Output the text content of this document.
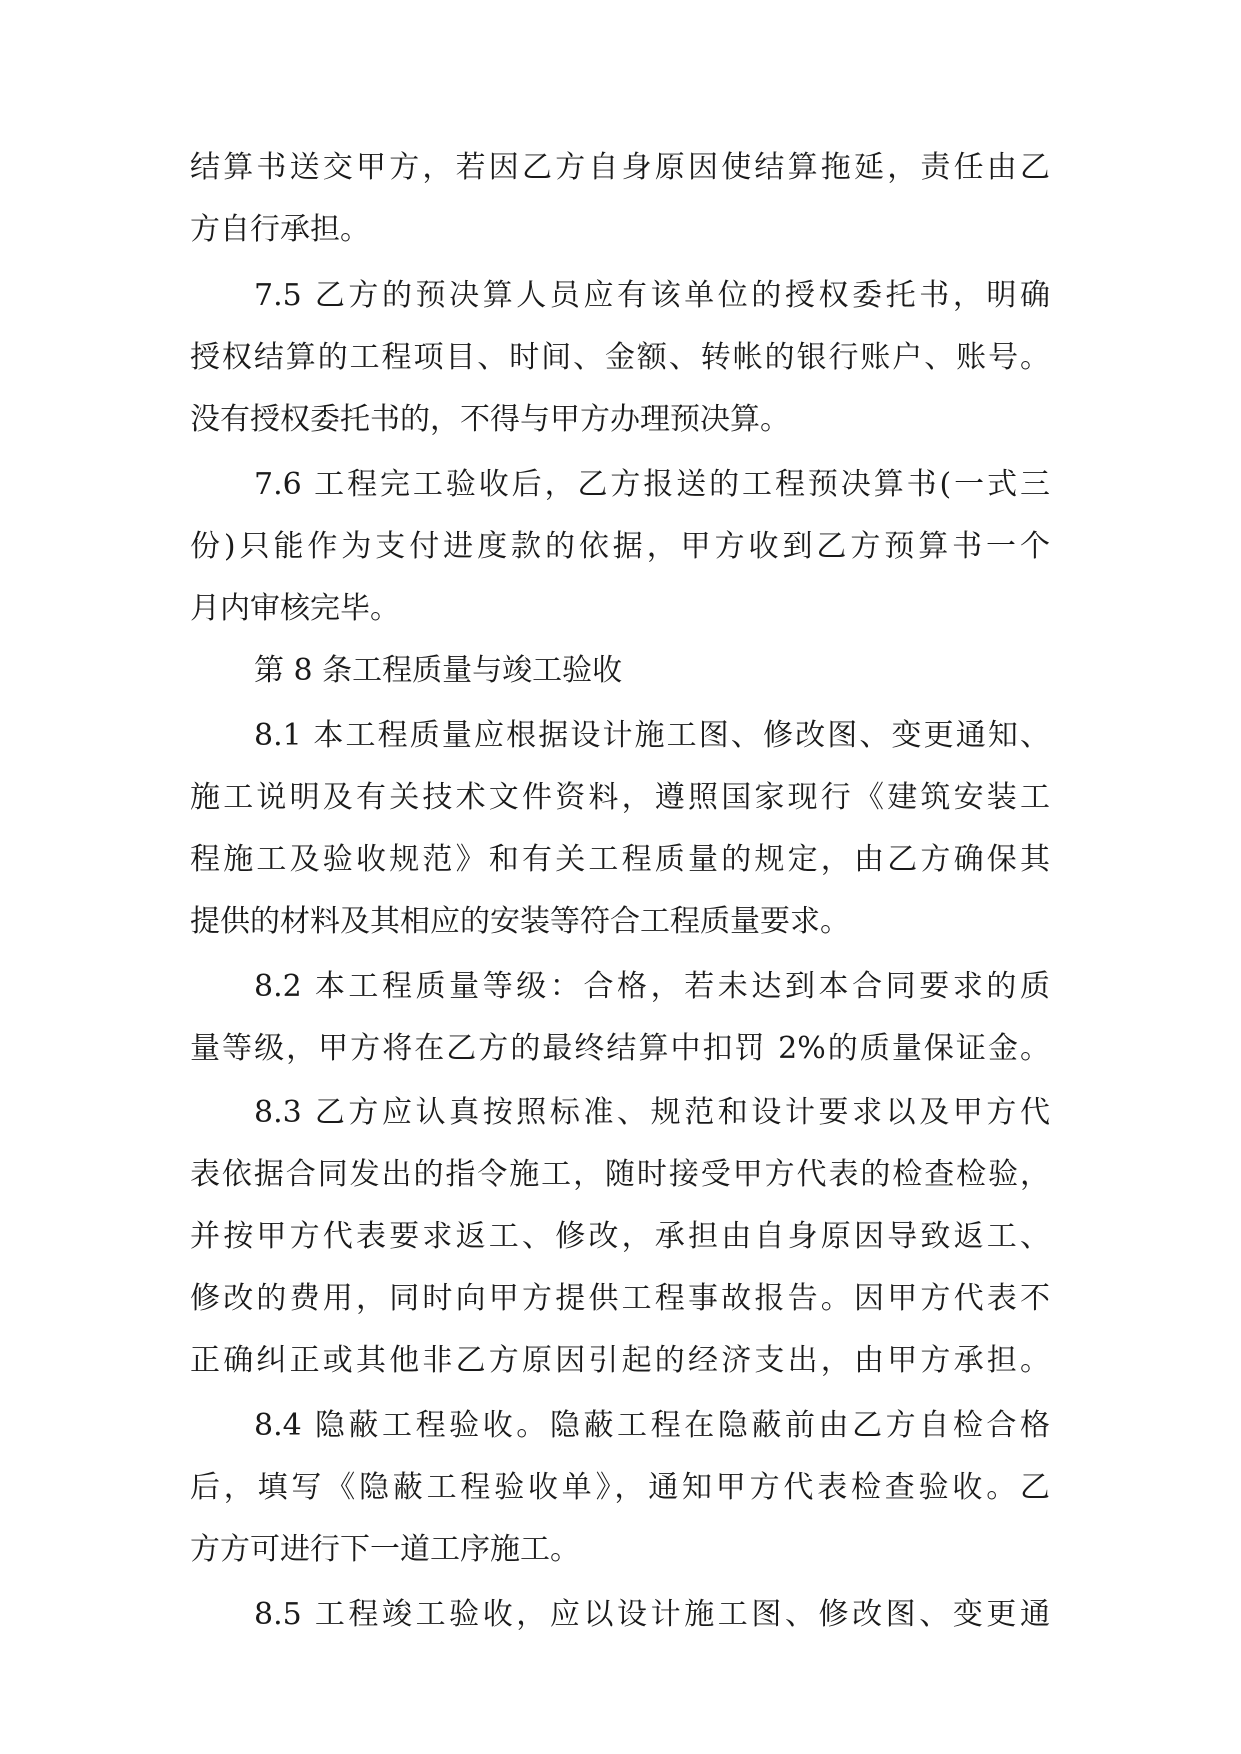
结算书送交甲方，若因乙方自身原因使结算拖延，责任由乙
方自行承担。
7.5 乙方的预决算人员应有该单位的授权委托书，明确
授权结算的工程项目、时间、金额、转帐的银行账户、账号。
没有授权委托书的，不得与甲方办理预决算。
7.6 工程完工验收后，乙方报送的工程预决算书(一式三
份)只能作为支付进度款的依据，甲方收到乙方预算书一个
月内审核完毕。
第 8 条工程质量与竣工验收
8.1 本工程质量应根据设计施工图、修改图、变更通知、
施工说明及有关技术文件资料，遵照国家现行《建筑安装工
程施工及验收规范》和有关工程质量的规定，由乙方确保其
提供的材料及其相应的安装等符合工程质量要求。
8.2 本工程质量等级：合格，若未达到本合同要求的质
量等级，甲方将在乙方的最终结算中扣罚 2%的质量保证金。
8.3 乙方应认真按照标准、规范和设计要求以及甲方代
表依据合同发出的指令施工，随时接受甲方代表的检查检验，
并按甲方代表要求返工、修改，承担由自身原因导致返工、
修改的费用，同时向甲方提供工程事故报告。因甲方代表不
正确纠正或其他非乙方原因引起的经济支出，由甲方承担。
8.4 隐蔽工程验收。隐蔽工程在隐蔽前由乙方自检合格
后，填写《隐蔽工程验收单》，通知甲方代表检查验收。乙
方方可进行下一道工序施工。
8.5 工程竣工验收，应以设计施工图、修改图、变更通
